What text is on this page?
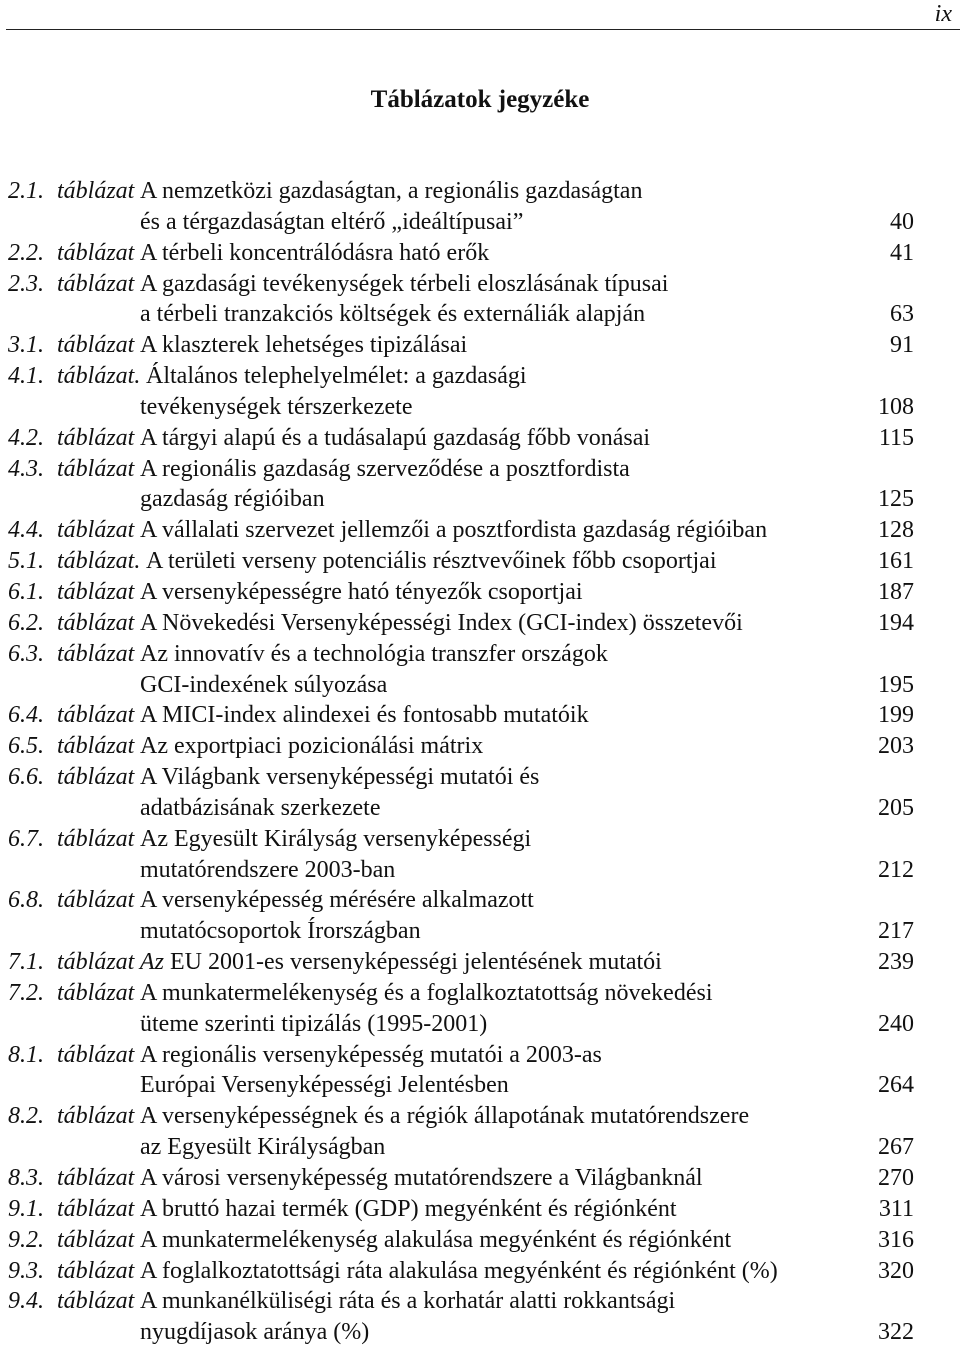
ix
Táblázatok jegyzéke
2.1. táblázat A nemzetközi gazdaságtan, a regionális gazdaságtan
és a térgazdaságtan eltérő „ideáltípusai”	40
2.2. táblázat A térbeli koncentrálódásra ható erők	41
2.3. táblázat A gazdasági tevékenységek térbeli eloszlásának típusai
a térbeli tranzakciós költségek és externáliák alapján	63
3.1. táblázat A klaszterek lehetséges tipizálásai	91
4.1. táblázat. Általános telephelyelmélet: a gazdasági
tevékenységek térszerkezete	108
4.2. táblázat A tárgyi alapú és a tudásalapú gazdaság főbb vonásai	115
4.3. táblázat A regionális gazdaság szerveződése a posztfordista
gazdaság régióiban	125
4.4. táblázat A vállalati szervezet jellemzői a posztfordista gazdaság régióiban	128
5.1. táblázat. A területi verseny potenciális résztvevőinek főbb csoportjai	161
6.1. táblázat A versenyképességre ható tényezők csoportjai	187
6.2. táblázat A Növekedési Versenyképességi Index (GCI-index) összetevői	194
6.3. táblázat Az innovatív és a technológia transzfer országok
GCI-indexének súlyozása	195
6.4. táblázat A MICI-index alindexei és fontosabb mutatóik	199
6.5. táblázat Az exportpiaci pozicionálási mátrix	203
6.6. táblázat A Világbank versenyképességi mutatói és
adatbázisának szerkezete	205
6.7. táblázat Az Egyesült Királyság versenyképességi
mutatórendszere 2003-ban	212
6.8. táblázat A versenyképesség mérésére alkalmazott
mutatócsoportok Írországban	217
7.1. táblázat Az EU 2001-es versenyképességi jelentésének mutatói	239
7.2. táblázat A munkatermelékenység és a foglalkoztatottság növekedési
üteme szerinti tipizálás (1995-2001)	240
8.1. táblázat A regionális versenyképesség mutatói a 2003-as
Európai Versenyképességi Jelentésben	264
8.2. táblázat A versenyképességnek és a régiók állapotának mutatórendszere
az Egyesült Királyságban	267
8.3. táblázat A városi versenyképesség mutatórendszere a Világbanknál	270
9.1. táblázat A bruttó hazai termék (GDP) megyénként és régiónként	311
9.2. táblázat A munkatermelékenység alakulása megyénként és régiónként	316
9.3. táblázat A foglalkoztatottsági ráta alakulása megyénként és régiónként (%)	320
9.4. táblázat A munkanélküliségi ráta és a korhatár alatti rokkantsági
nyugdíjasok aránya (%)	322
